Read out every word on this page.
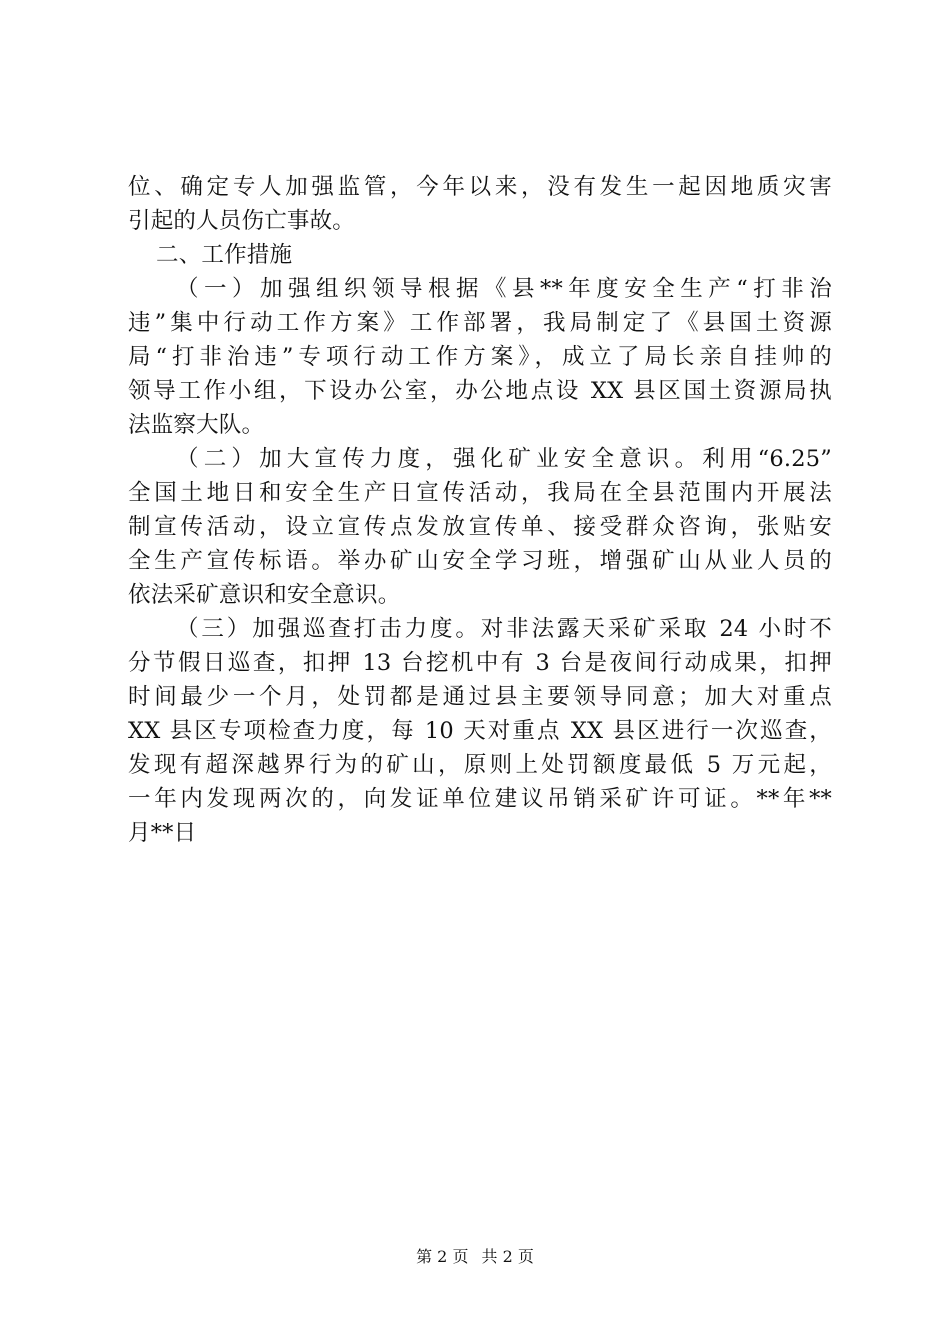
位、确定专人加强监管，今年以来，没有发生一起因地质灾害
引起的人员伤亡事故。
二、工作措施
（一）加强组织领导根据《县**年度安全生产“打非治
违”集中行动工作方案》工作部署，我局制定了《县国土资源
局“打非治违”专项行动工作方案》，成立了局长亲自挂帅的
领导工作小组，下设办公室，办公地点设 XX 县区国土资源局执
法监察大队。
（二）加大宣传力度，强化矿业安全意识。利用“6.25”
全国土地日和安全生产日宣传活动，我局在全县范围内开展法
制宣传活动，设立宣传点发放宣传单、接受群众咨询，张贴安
全生产宣传标语。举办矿山安全学习班，增强矿山从业人员的
依法采矿意识和安全意识。
（三）加强巡查打击力度。对非法露天采矿采取 24 小时不
分节假日巡查，扣押 13 台挖机中有 3 台是夜间行动成果，扣押
时间最少一个月，处罚都是通过县主要领导同意；加大对重点
XX 县区专项检查力度，每 10 天对重点 XX 县区进行一次巡查，
发现有超深越界行为的矿山，原则上处罚额度最低 5 万元起，
一年内发现两次的，向发证单位建议吊销采矿许可证。**年**
月**日
第 2 页 共 2 页
